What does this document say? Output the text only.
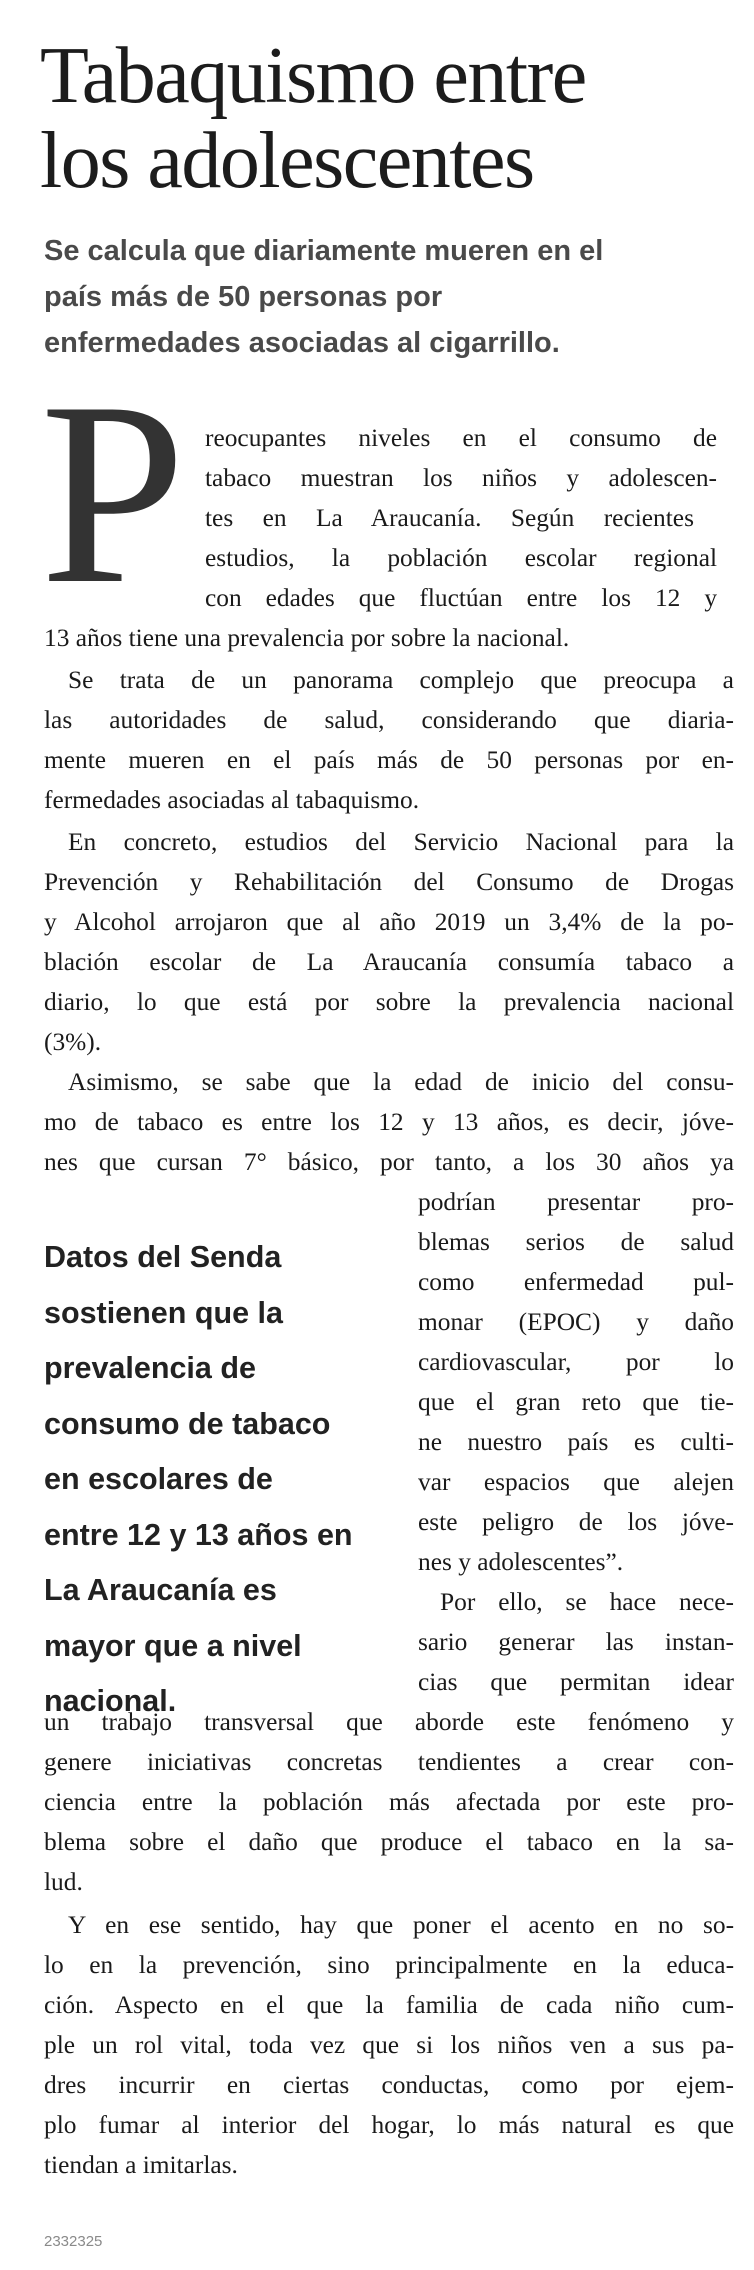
Tabaquismo entre
los adolescentes

Se calcula que diariamente mueren en el
país más de 50 personas por
enfermedades asociadas al cigarrillo.

P reocupantes niveles en el consumo de
tabaco muestran los niños y adolescen-
tes en La Araucanía. Según recientes
estudios, la población escolar regional
con edades que fluctúan entre los 12 y
13 años tiene una prevalencia por sobre la nacional.
Se trata de un panorama complejo que preocupa a
las autoridades de salud, considerando que diaria-
mente mueren en el país más de 50 personas por en-
fermedades asociadas al tabaquismo.
En concreto, estudios del Servicio Nacional para la
Prevención y Rehabilitación del Consumo de Drogas
y Alcohol arrojaron que al año 2019 un 3,4% de la po-
blación escolar de La Araucanía consumía tabaco a
diario, lo que está por sobre la prevalencia nacional
(3%).
Asimismo, se sabe que la edad de inicio del consu-
mo de tabaco es entre los 12 y 13 años, es decir, jóve-
nes que cursan 7° básico, por tanto, a los 30 años ya
podrían presentar pro-
blemas serios de salud
como enfermedad pul-
monar (EPOC) y daño
cardiovascular, por lo
que el gran reto que tie-
ne nuestro país es culti-
var espacios que alejen
este peligro de los jóve-
nes y adolescentes”.
Por ello, se hace nece-
sario generar las instan-
cias que permitan idear
un trabajo transversal que aborde este fenómeno y
genere iniciativas concretas tendientes a crear con-
ciencia entre la población más afectada por este pro-
blema sobre el daño que produce el tabaco en la sa-
lud.
Y en ese sentido, hay que poner el acento en no so-
lo en la prevención, sino principalmente en la educa-
ción. Aspecto en el que la familia de cada niño cum-
ple un rol vital, toda vez que si los niños ven a sus pa-
dres incurrir en ciertas conductas, como por ejem-
plo fumar al interior del hogar, lo más natural es que
tiendan a imitarlas.
Datos del Senda
sostienen que la
prevalencia de
consumo de tabaco
en escolares de
entre 12 y 13 años en
La Araucanía es
mayor que a nivel
nacional.

2332325
